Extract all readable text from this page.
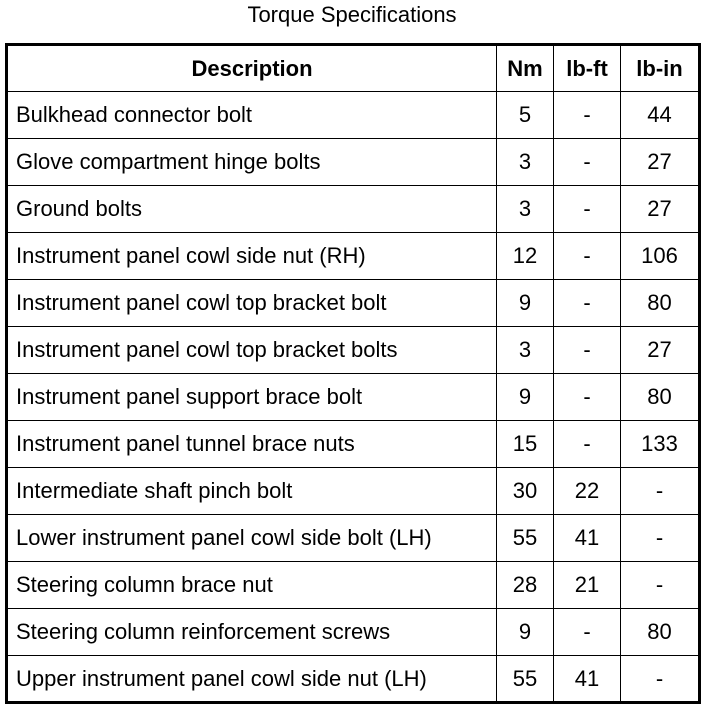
Torque Specifications
Description	Nm	lb-ft	lb-in
Bulkhead connector bolt	5	-	44
Glove compartment hinge bolts	3	-	27
Ground bolts	3	-	27
Instrument panel cowl side nut (RH)	12	-	106
Instrument panel cowl top bracket bolt	9	-	80
Instrument panel cowl top bracket bolts	3	-	27
Instrument panel support brace bolt	9	-	80
Instrument panel tunnel brace nuts	15	-	133
Intermediate shaft pinch bolt	30	22	-
Lower instrument panel cowl side bolt (LH)	55	41	-
Steering column brace nut	28	21	-
Steering column reinforcement screws	9	-	80
Upper instrument panel cowl side nut (LH)	55	41	-
